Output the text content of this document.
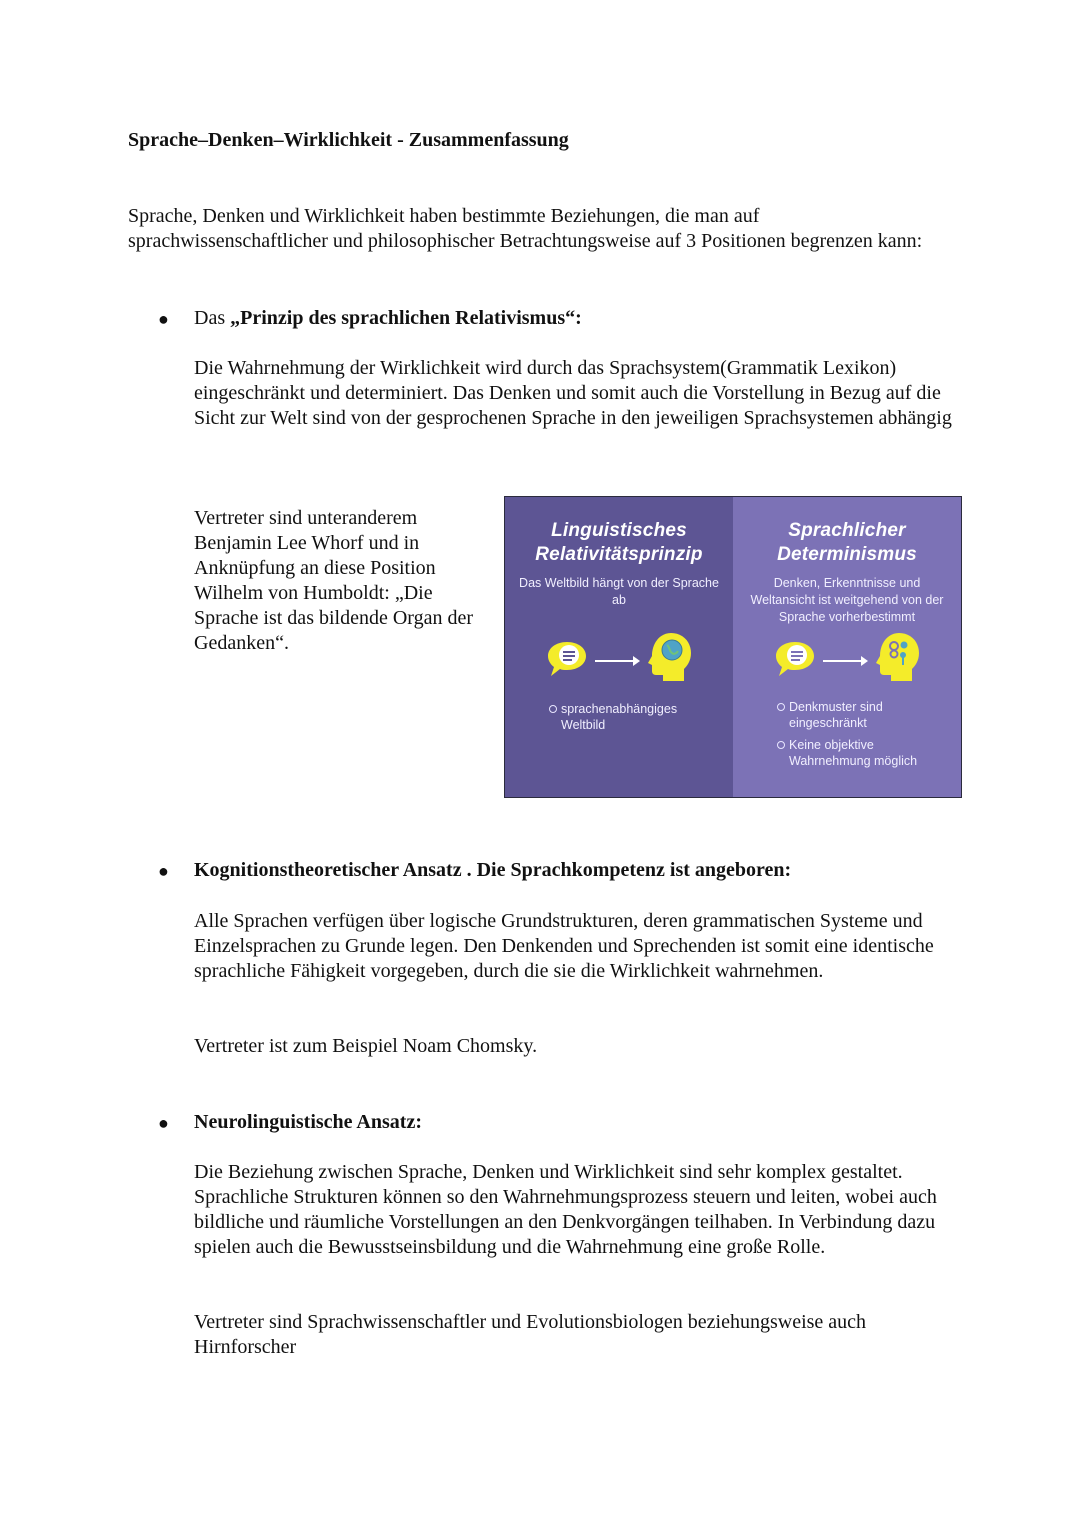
Sprache–Denken–Wirklichkeit - Zusammenfassung

Sprache, Denken und Wirklichkeit haben bestimmte Beziehungen, die man auf sprachwissenschaftlicher und philosophischer Betrachtungsweise auf 3 Positionen begrenzen kann:

● Das „Prinzip des sprachlichen Relativismus“:

Die Wahrnehmung der Wirklichkeit wird durch das Sprachsystem(Grammatik Lexikon) eingeschränkt und determiniert. Das Denken und somit auch die Vorstellung in Bezug auf die Sicht zur Welt sind von der gesprochenen Sprache in den jeweiligen Sprachsystemen abhängig

Vertreter sind unteranderem Benjamin Lee Whorf und in Anknüpfung an diese Position Wilhelm von Humboldt: „Die Sprache ist das bildende Organ der Gedanken“.

Linguistisches
Relativitätsprinzip
Das Weltbild hängt von der Sprache ab
sprachenabhängiges Weltbild
Sprachlicher
Determinismus
Denken, Erkenntnisse und Weltansicht ist weitgehend von der Sprache vorherbestimmt
Denkmuster sind eingeschränkt
Keine objektive Wahrnehmung möglich
● Kognitionstheoretischer Ansatz . Die Sprachkompetenz ist angeboren:

Alle Sprachen verfügen über logische Grundstrukturen, deren grammatischen Systeme und Einzelsprachen zu Grunde legen. Den Denkenden und Sprechenden ist somit eine identische sprachliche Fähigkeit vorgegeben, durch die sie die Wirklichkeit wahrnehmen.

Vertreter ist zum Beispiel Noam Chomsky.

● Neurolinguistische Ansatz:

Die Beziehung zwischen Sprache, Denken und Wirklichkeit sind sehr komplex gestaltet. Sprachliche Strukturen können so den Wahrnehmungsprozess steuern und leiten, wobei auch bildliche und räumliche Vorstellungen an den Denkvorgängen teilhaben. In Verbindung dazu spielen auch die Bewusstseinsbildung und die Wahrnehmung eine große Rolle.

Vertreter sind Sprachwissenschaftler und Evolutionsbiologen beziehungsweise auch Hirnforscher
